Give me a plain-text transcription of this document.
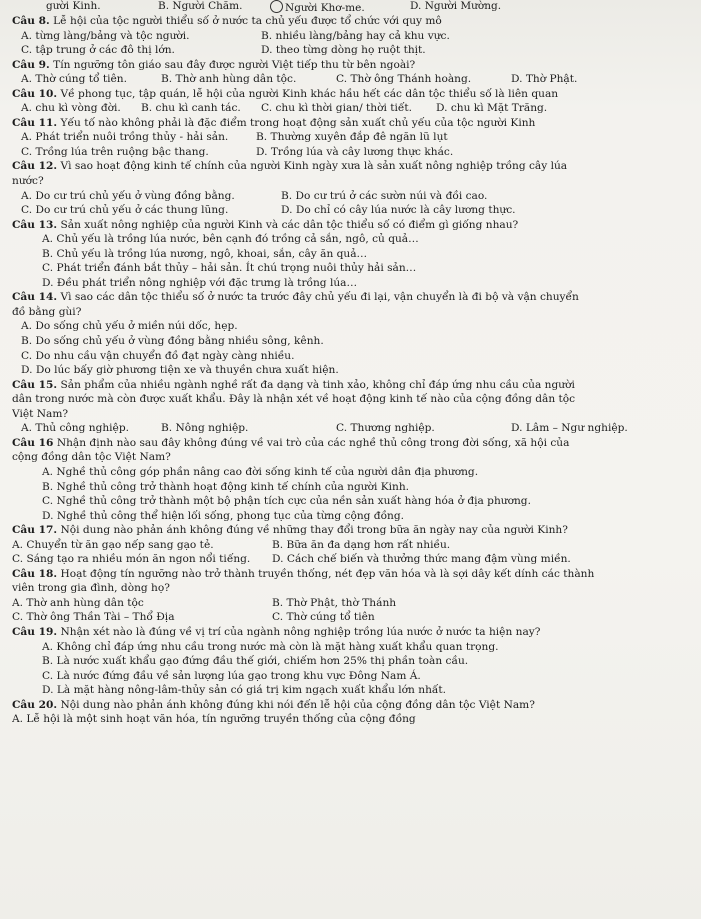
gười Kinh.	B. Người Chăm.	Người Khơ-me.	D. Người Mường.
Câu 8. Lễ hội của tộc người thiểu số ở nước ta chủ yếu được tổ chức với quy mô
A. từng làng/bảng và tộc người.	B. nhiều làng/bảng hay cả khu vực.
C. tập trung ở các đô thị lớn.	D. theo từng dòng họ ruột thịt.
Câu 9. Tín ngưỡng tôn giáo sau đây được người Việt tiếp thu từ bên ngoài?
A. Thờ cúng tổ tiên.	B. Thờ anh hùng dân tộc.	C. Thờ ông Thánh hoàng.	D. Thờ Phật.
Câu 10. Về phong tục, tập quán, lễ hội của người Kinh khác hầu hết các dân tộc thiểu số là liên quan
A. chu kì vòng đời. B. chu kì canh tác. C. chu kì thời gian/ thời tiết. D. chu kì Mặt Trăng.
Câu 11. Yếu tố nào không phải là đặc điểm trong hoạt động sản xuất chủ yếu của tộc người Kinh
A. Phát triển nuôi trồng thủy - hải sản.	B. Thường xuyên đắp đê ngăn lũ lụt
C. Trồng lúa trên ruộng bậc thang.	D. Trồng lúa và cây lương thực khác.
Câu 12. Vì sao hoạt động kinh tế chính của người Kinh ngày xưa là sản xuất nông nghiệp trồng cây lúa
nước?
A. Do cư trú chủ yếu ở vùng đồng bằng.	B. Do cư trú ở các sườn núi và đồi cao.
C. Do cư trú chủ yếu ở các thung lũng.	D. Do chỉ có cây lúa nước là cây lương thực.
Câu 13. Sản xuất nông nghiệp của người Kinh và các dân tộc thiểu số có điểm gì giống nhau?
A. Chủ yếu là trồng lúa nước, bên cạnh đó trồng cả sắn, ngô, củ quả…
B. Chủ yếu là trồng lúa nương, ngô, khoai, sắn, cây ăn quả…
C. Phát triển đánh bắt thủy – hải sản. Ít chú trọng nuôi thủy hải sản…
D. Đều phát triển nông nghiệp với đặc trưng là trồng lúa…
Câu 14. Vì sao các dân tộc thiểu số ở nước ta trước đây chủ yếu đi lại, vận chuyển là đi bộ và vận chuyển
đồ bằng gùi?
A. Do sống chủ yếu ở miền núi dốc, hẹp.
B. Do sống chủ yếu ở vùng đồng bằng nhiều sông, kênh.
C. Do nhu cầu vận chuyển đồ đạt ngày càng nhiều.
D. Do lúc bấy giờ phương tiện xe và thuyền chưa xuất hiện.
Câu 15. Sản phẩm của nhiều ngành nghề rất đa dạng và tinh xảo, không chỉ đáp ứng nhu cầu của người
dân trong nước mà còn được xuất khẩu. Đây là nhận xét về hoạt động kinh tế nào của cộng đồng dân tộc
Việt Nam?
A. Thủ công nghiệp.	B. Nông nghiệp.	C. Thương nghiệp.	D. Lâm – Ngư nghiệp.
Câu 16 Nhận định nào sau đây không đúng về vai trò của các nghề thủ công trong đời sống, xã hội của
cộng đồng dân tộc Việt Nam?
A. Nghề thủ công góp phần nâng cao đời sống kinh tế của người dân địa phương.
B. Nghề thủ công trở thành hoạt động kinh tế chính của người Kinh.
C. Nghề thủ công trở thành một bộ phận tích cực của nền sản xuất hàng hóa ở địa phương.
D. Nghề thủ công thể hiện lối sống, phong tục của từng cộng đồng.
Câu 17. Nội dung nào phản ánh không đúng về những thay đổi trong bữa ăn ngày nay của người Kinh?
A. Chuyển từ ăn gạo nếp sang gạo tẻ.	B. Bữa ăn đa dạng hơn rất nhiều.
C. Sáng tạo ra nhiều món ăn ngon nổi tiếng. D. Cách chế biến và thưởng thức mang đậm vùng miền.
Câu 18. Hoạt động tín ngưỡng nào trở thành truyền thống, nét đẹp văn hóa và là sợi dây kết dính các thành
viên trong gia đình, dòng họ?
A. Thờ anh hùng dân tộc	B. Thờ Phật, thờ Thánh
C. Thờ ông Thần Tài – Thổ Địa	C. Thờ cúng tổ tiên
Câu 19. Nhận xét nào là đúng về vị trí của ngành nông nghiệp trồng lúa nước ở nước ta hiện nay?
A. Không chỉ đáp ứng nhu cầu trong nước mà còn là mặt hàng xuất khẩu quan trọng.
B. Là nước xuất khẩu gạo đứng đầu thế giới, chiếm hơn 25% thị phần toàn cầu.
C. Là nước đứng đầu về sản lượng lúa gạo trong khu vực Đông Nam Á.
D. Là mặt hàng nông-lâm-thủy sản có giá trị kim ngạch xuất khẩu lớn nhất.
Câu 20. Nội dung nào phản ánh không đúng khi nói đến lễ hội của cộng đồng dân tộc Việt Nam?
A. Lễ hội là một sinh hoạt văn hóa, tín ngưỡng truyền thống của cộng đồng
